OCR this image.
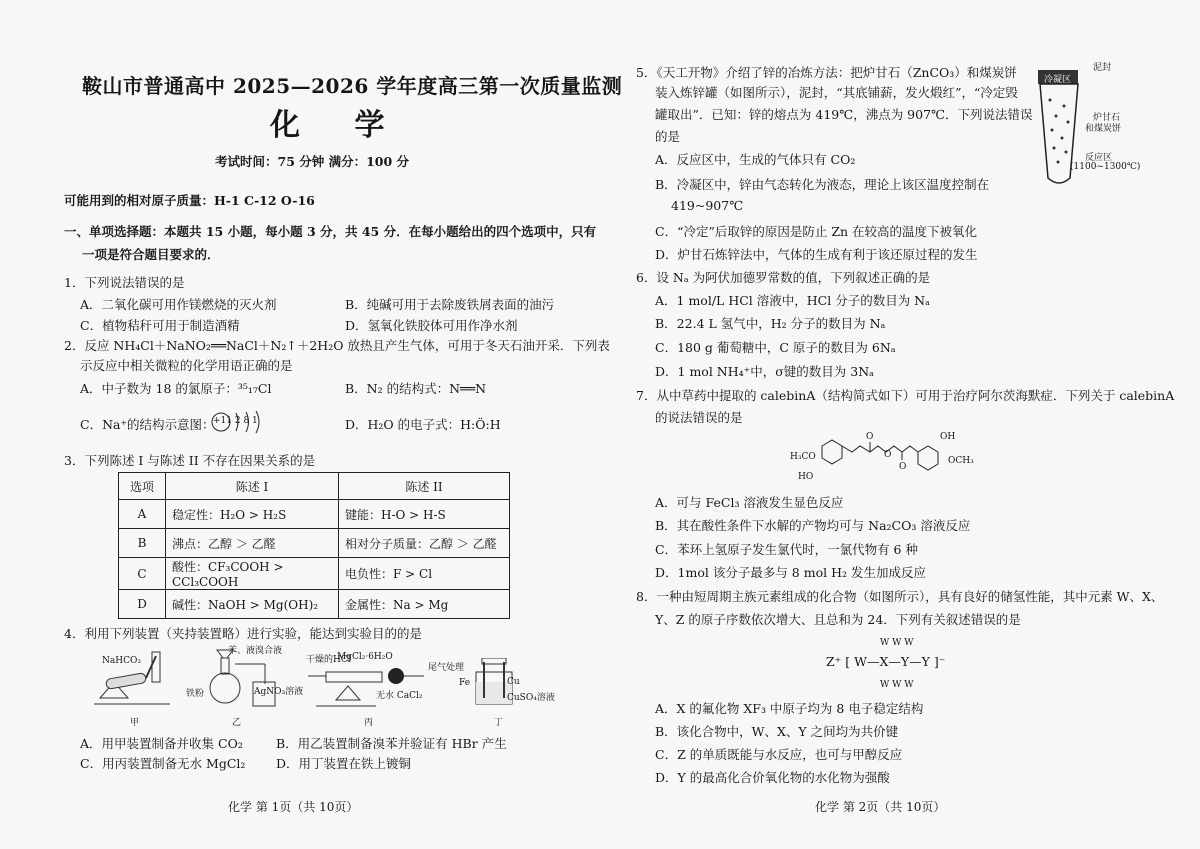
鞍山市普通高中 2025—2026 学年度高三第一次质量监测
化 学
考试时间：75 分钟 满分：100 分
可能用到的相对原子质量：H-1 C-12 O-16
一、单项选择题：本题共 15 小题，每小题 3 分，共 45 分．在每小题给出的四个选项中，只有
一项是符合题目要求的．
1．下列说法错误的是
A．二氧化碳可用作镁燃烧的灭火剂	B．纯碱可用于去除废铁屑表面的油污
C．植物秸秆可用于制造酒精	D．氢氧化铁胶体可用作净水剂
2．反应 NH₄Cl＋NaNO₂══NaCl＋N₂↑＋2H₂O 放热且产生气体，可用于冬天石油开采．下列表
示反应中相关微粒的化学用语正确的是
A．中子数为 18 的氯原子：³⁵₁₇Cl	B．N₂ 的结构式：N══N
C．Na⁺的结构示意图：
+11 2 8 1	D．H₂O 的电子式：H:Ö:H
3．下列陈述 I 与陈述 II 不存在因果关系的是
选项	陈述 I	陈述 II
A	稳定性：H₂O > H₂S	键能：H-O > H-S
B	沸点：乙醇 ＞ 乙醛	相对分子质量：乙醇 ＞ 乙醛
C	酸性：CF₃COOH > CCl₃COOH	电负性：F > Cl
D	碱性：NaOH > Mg(OH)₂	金属性：Na > Mg
4．利用下列装置（夹持装置略）进行实验，能达到实验目的的是
NaHCO₃
甲
苯、液溴合液
铁粉	AgNO₃溶液
乙
干燥的HCl
MgCl₂·6H₂O
尾气处理
无水 CaCl₂
丙
Fe	Cu
CuSO₄溶液
丁
A．用甲装置制备并收集 CO₂	B．用乙装置制备溴苯并验证有 HBr 产生
C．用丙装置制备无水 MgCl₂ D．用丁装置在铁上镀铜
化学 第 1页（共 10页）
5．《天工开物》介绍了锌的冶炼方法：把炉甘石（ZnCO₃）和煤炭饼
装入炼锌罐（如图所示），泥封，“其底铺薪，发火煅红”，“冷定毁
罐取出”．已知：锌的熔点为 419℃，沸点为 907℃．下列说法错误
的是
A．反应区中，生成的气体只有 CO₂
B．冷凝区中，锌由气态转化为液态，理论上该区温度控制在
419~907℃
C．“冷定”后取锌的原因是防止 Zn 在较高的温度下被氧化
D．炉甘石炼锌法中，气体的生成有利于该还原过程的发生
泥封
冷凝区
炉甘石
和煤炭饼
反应区
(1100~1300℃)
6．设 Nₐ 为阿伏加德罗常数的值，下列叙述正确的是
A．1 mol/L HCl 溶液中，HCl 分子的数目为 Nₐ
B．22.4 L 氢气中，H₂ 分子的数目为 Nₐ
C．180 g 葡萄糖中，C 原子的数目为 6Nₐ
D．1 mol NH₄⁺中，σ键的数目为 3Nₐ
7．从中草药中提取的 calebinA（结构简式如下）可用于治疗阿尔茨海默症．下列关于 calebinA
的说法错误的是
H₃CO
HO
O
O
O
OH
OCH₃
A．可与 FeCl₃ 溶液发生显色反应
B．其在酸性条件下水解的产物均可与 Na₂CO₃ 溶液反应
C．苯环上氢原子发生氯代时，一氯代物有 6 种
D．1mol 该分子最多与 8 mol H₂ 发生加成反应
8．一种由短周期主族元素组成的化合物（如图所示），具有良好的储氢性能，其中元素 W、X、
Y、Z 的原子序数依次增大、且总和为 24．下列有关叙述错误的是
W W W
Z⁺ [ W—X—Y—Y ]⁻
W W W
A．X 的氟化物 XF₃ 中原子均为 8 电子稳定结构
B．该化合物中，W、X、Y 之间均为共价键
C．Z 的单质既能与水反应，也可与甲醇反应
D．Y 的最高化合价氧化物的水化物为强酸
化学 第 2页（共 10页）
